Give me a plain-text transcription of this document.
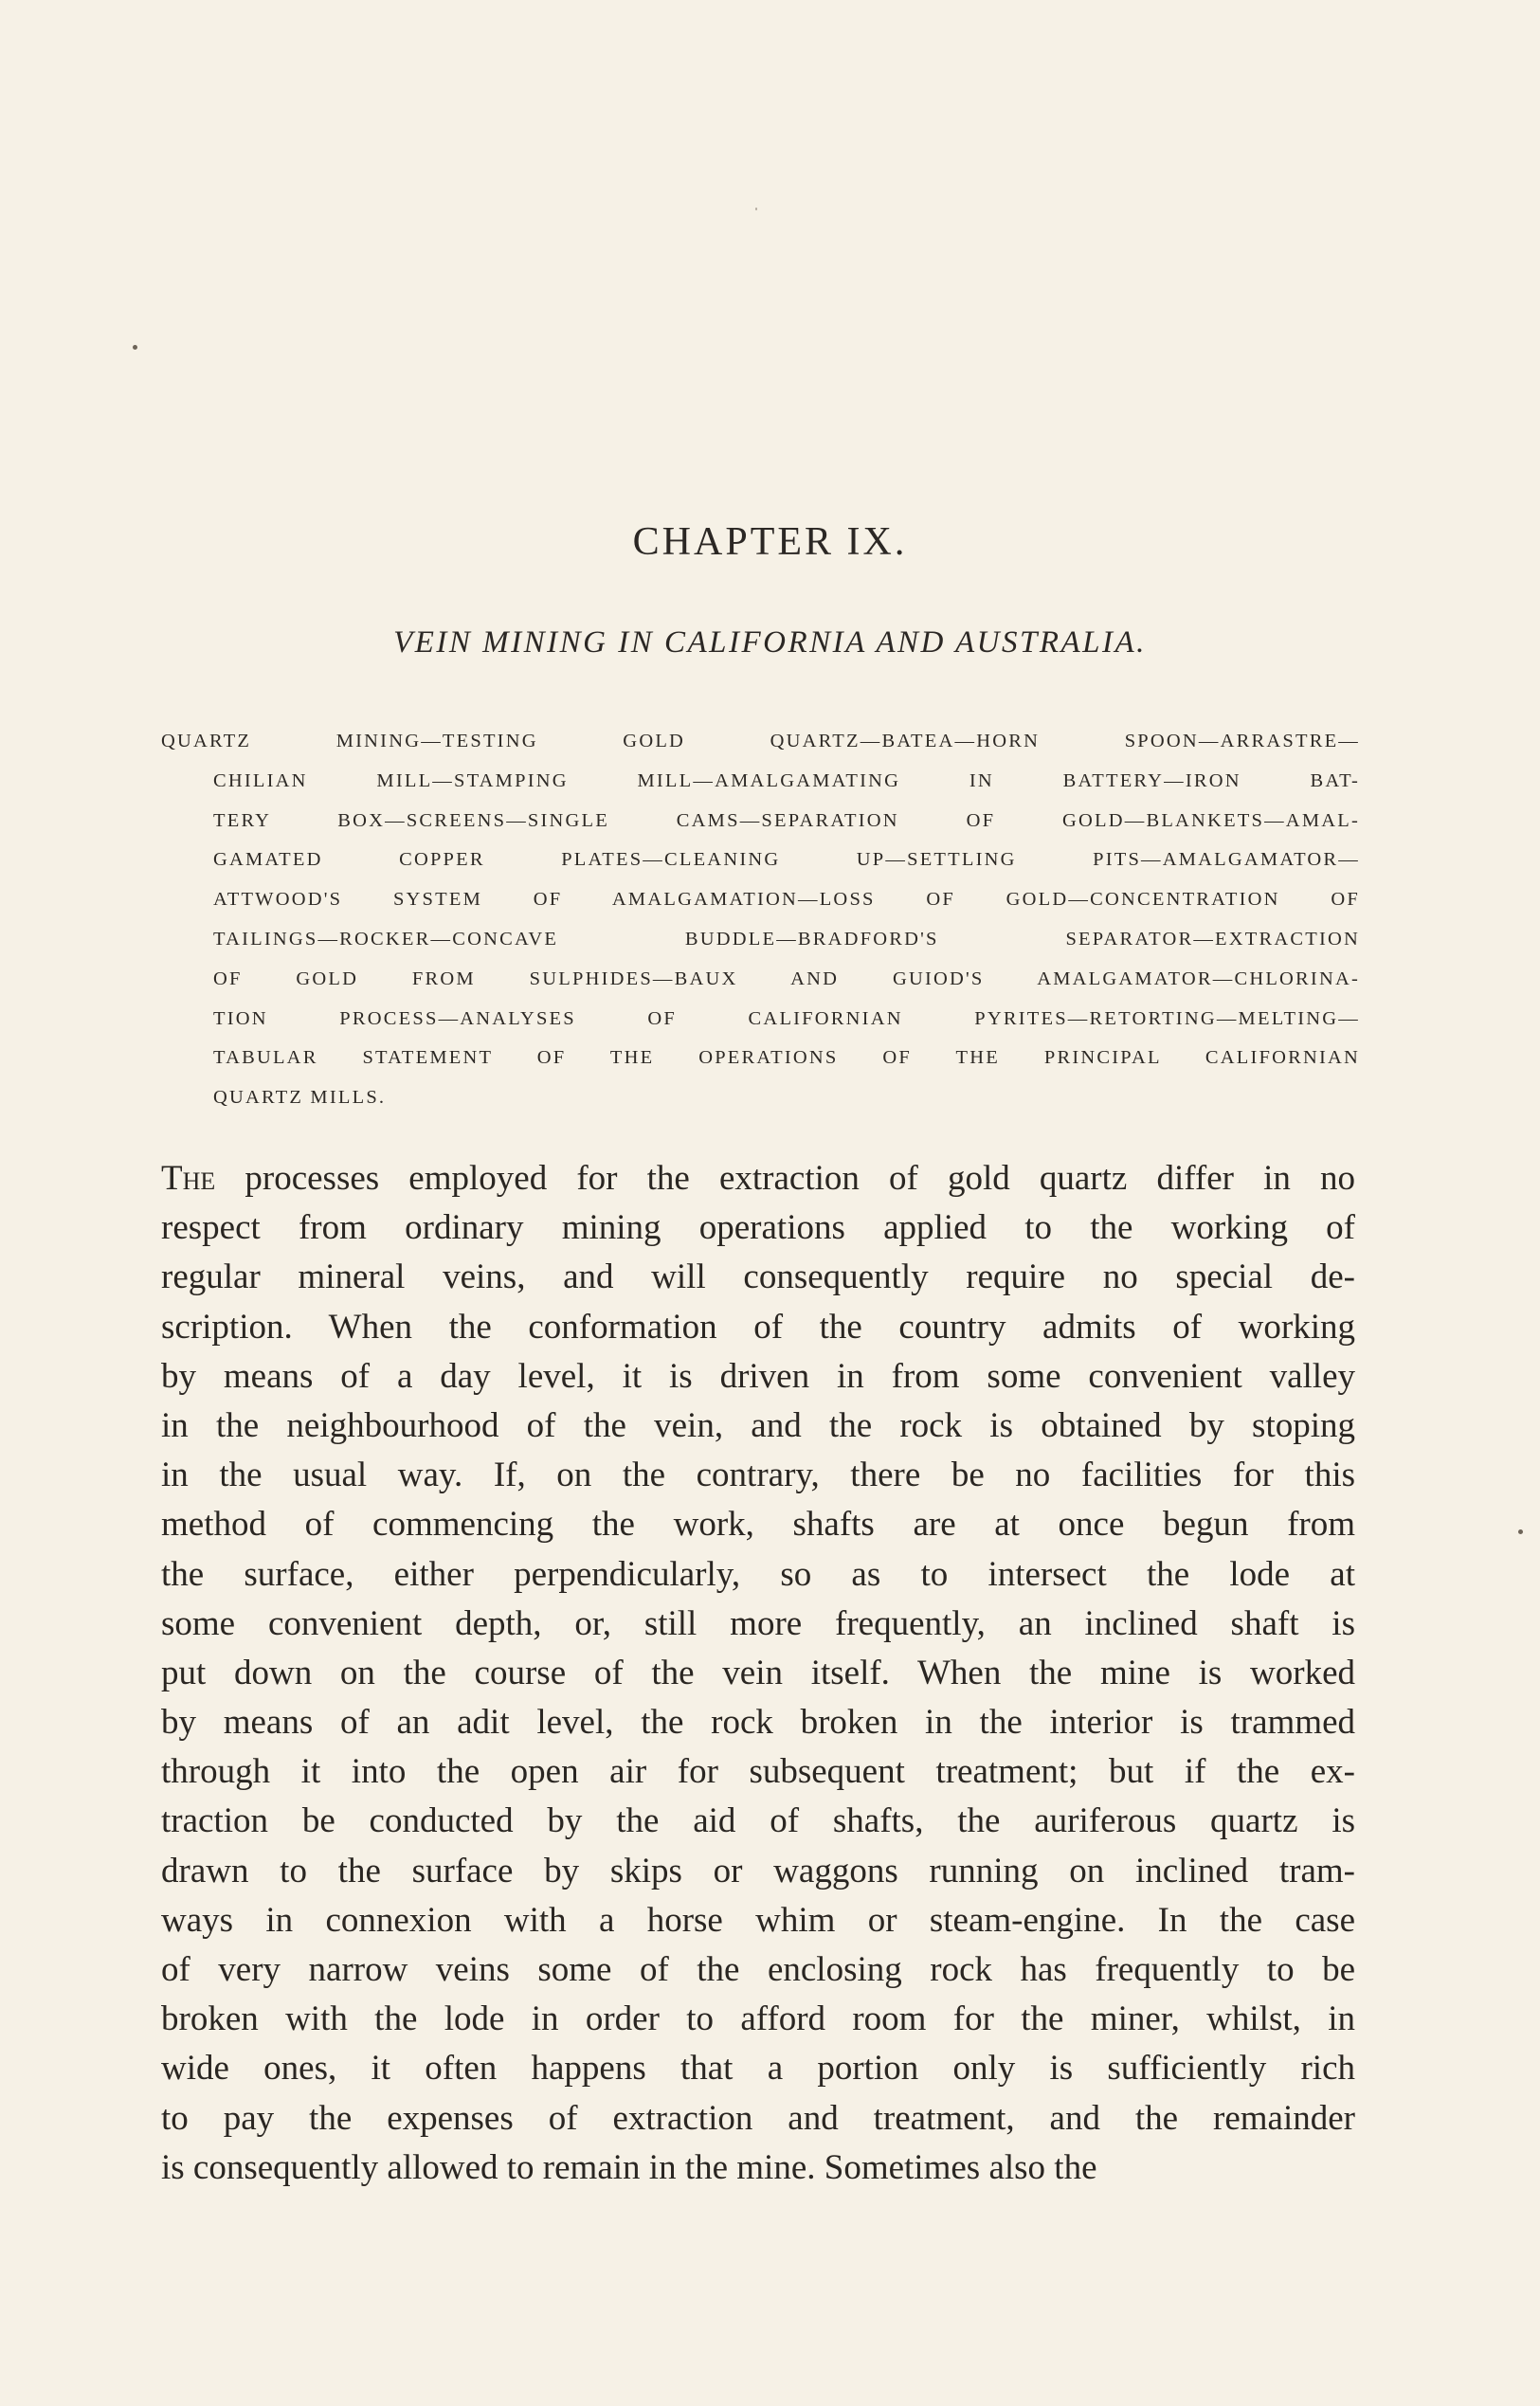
CHAPTER IX.
VEIN MINING IN CALIFORNIA AND AUSTRALIA.
QUARTZ MINING—TESTING GOLD QUARTZ—BATEA—HORN SPOON—ARRASTRE—
CHILIAN MILL—STAMPING MILL—AMALGAMATING IN BATTERY—IRON BAT-
TERY BOX—SCREENS—SINGLE CAMS—SEPARATION OF GOLD—BLANKETS—AMAL-
GAMATED COPPER PLATES—CLEANING UP—SETTLING PITS—AMALGAMATOR—
ATTWOOD'S SYSTEM OF AMALGAMATION—LOSS OF GOLD—CONCENTRATION OF
TAILINGS—ROCKER—CONCAVE BUDDLE—BRADFORD'S SEPARATOR—EXTRACTION
OF GOLD FROM SULPHIDES—BAUX AND GUIOD'S AMALGAMATOR—CHLORINA-
TION PROCESS—ANALYSES OF CALIFORNIAN PYRITES—RETORTING—MELTING—
TABULAR STATEMENT OF THE OPERATIONS OF THE PRINCIPAL CALIFORNIAN
QUARTZ MILLS.
The processes employed for the extraction of gold quartz differ in no
respect from ordinary mining operations applied to the working of
regular mineral veins, and will consequently require no special de-
scription. When the conformation of the country admits of working
by means of a day level, it is driven in from some convenient valley
in the neighbourhood of the vein, and the rock is obtained by stoping
in the usual way. If, on the contrary, there be no facilities for this
method of commencing the work, shafts are at once begun from
the surface, either perpendicularly, so as to intersect the lode at
some convenient depth, or, still more frequently, an inclined shaft is
put down on the course of the vein itself. When the mine is worked
by means of an adit level, the rock broken in the interior is trammed
through it into the open air for subsequent treatment; but if the ex-
traction be conducted by the aid of shafts, the auriferous quartz is
drawn to the surface by skips or waggons running on inclined tram-
ways in connexion with a horse whim or steam-engine. In the case
of very narrow veins some of the enclosing rock has frequently to be
broken with the lode in order to afford room for the miner, whilst, in
wide ones, it often happens that a portion only is sufficiently rich
to pay the expenses of extraction and treatment, and the remainder
is consequently allowed to remain in the mine. Sometimes also the
